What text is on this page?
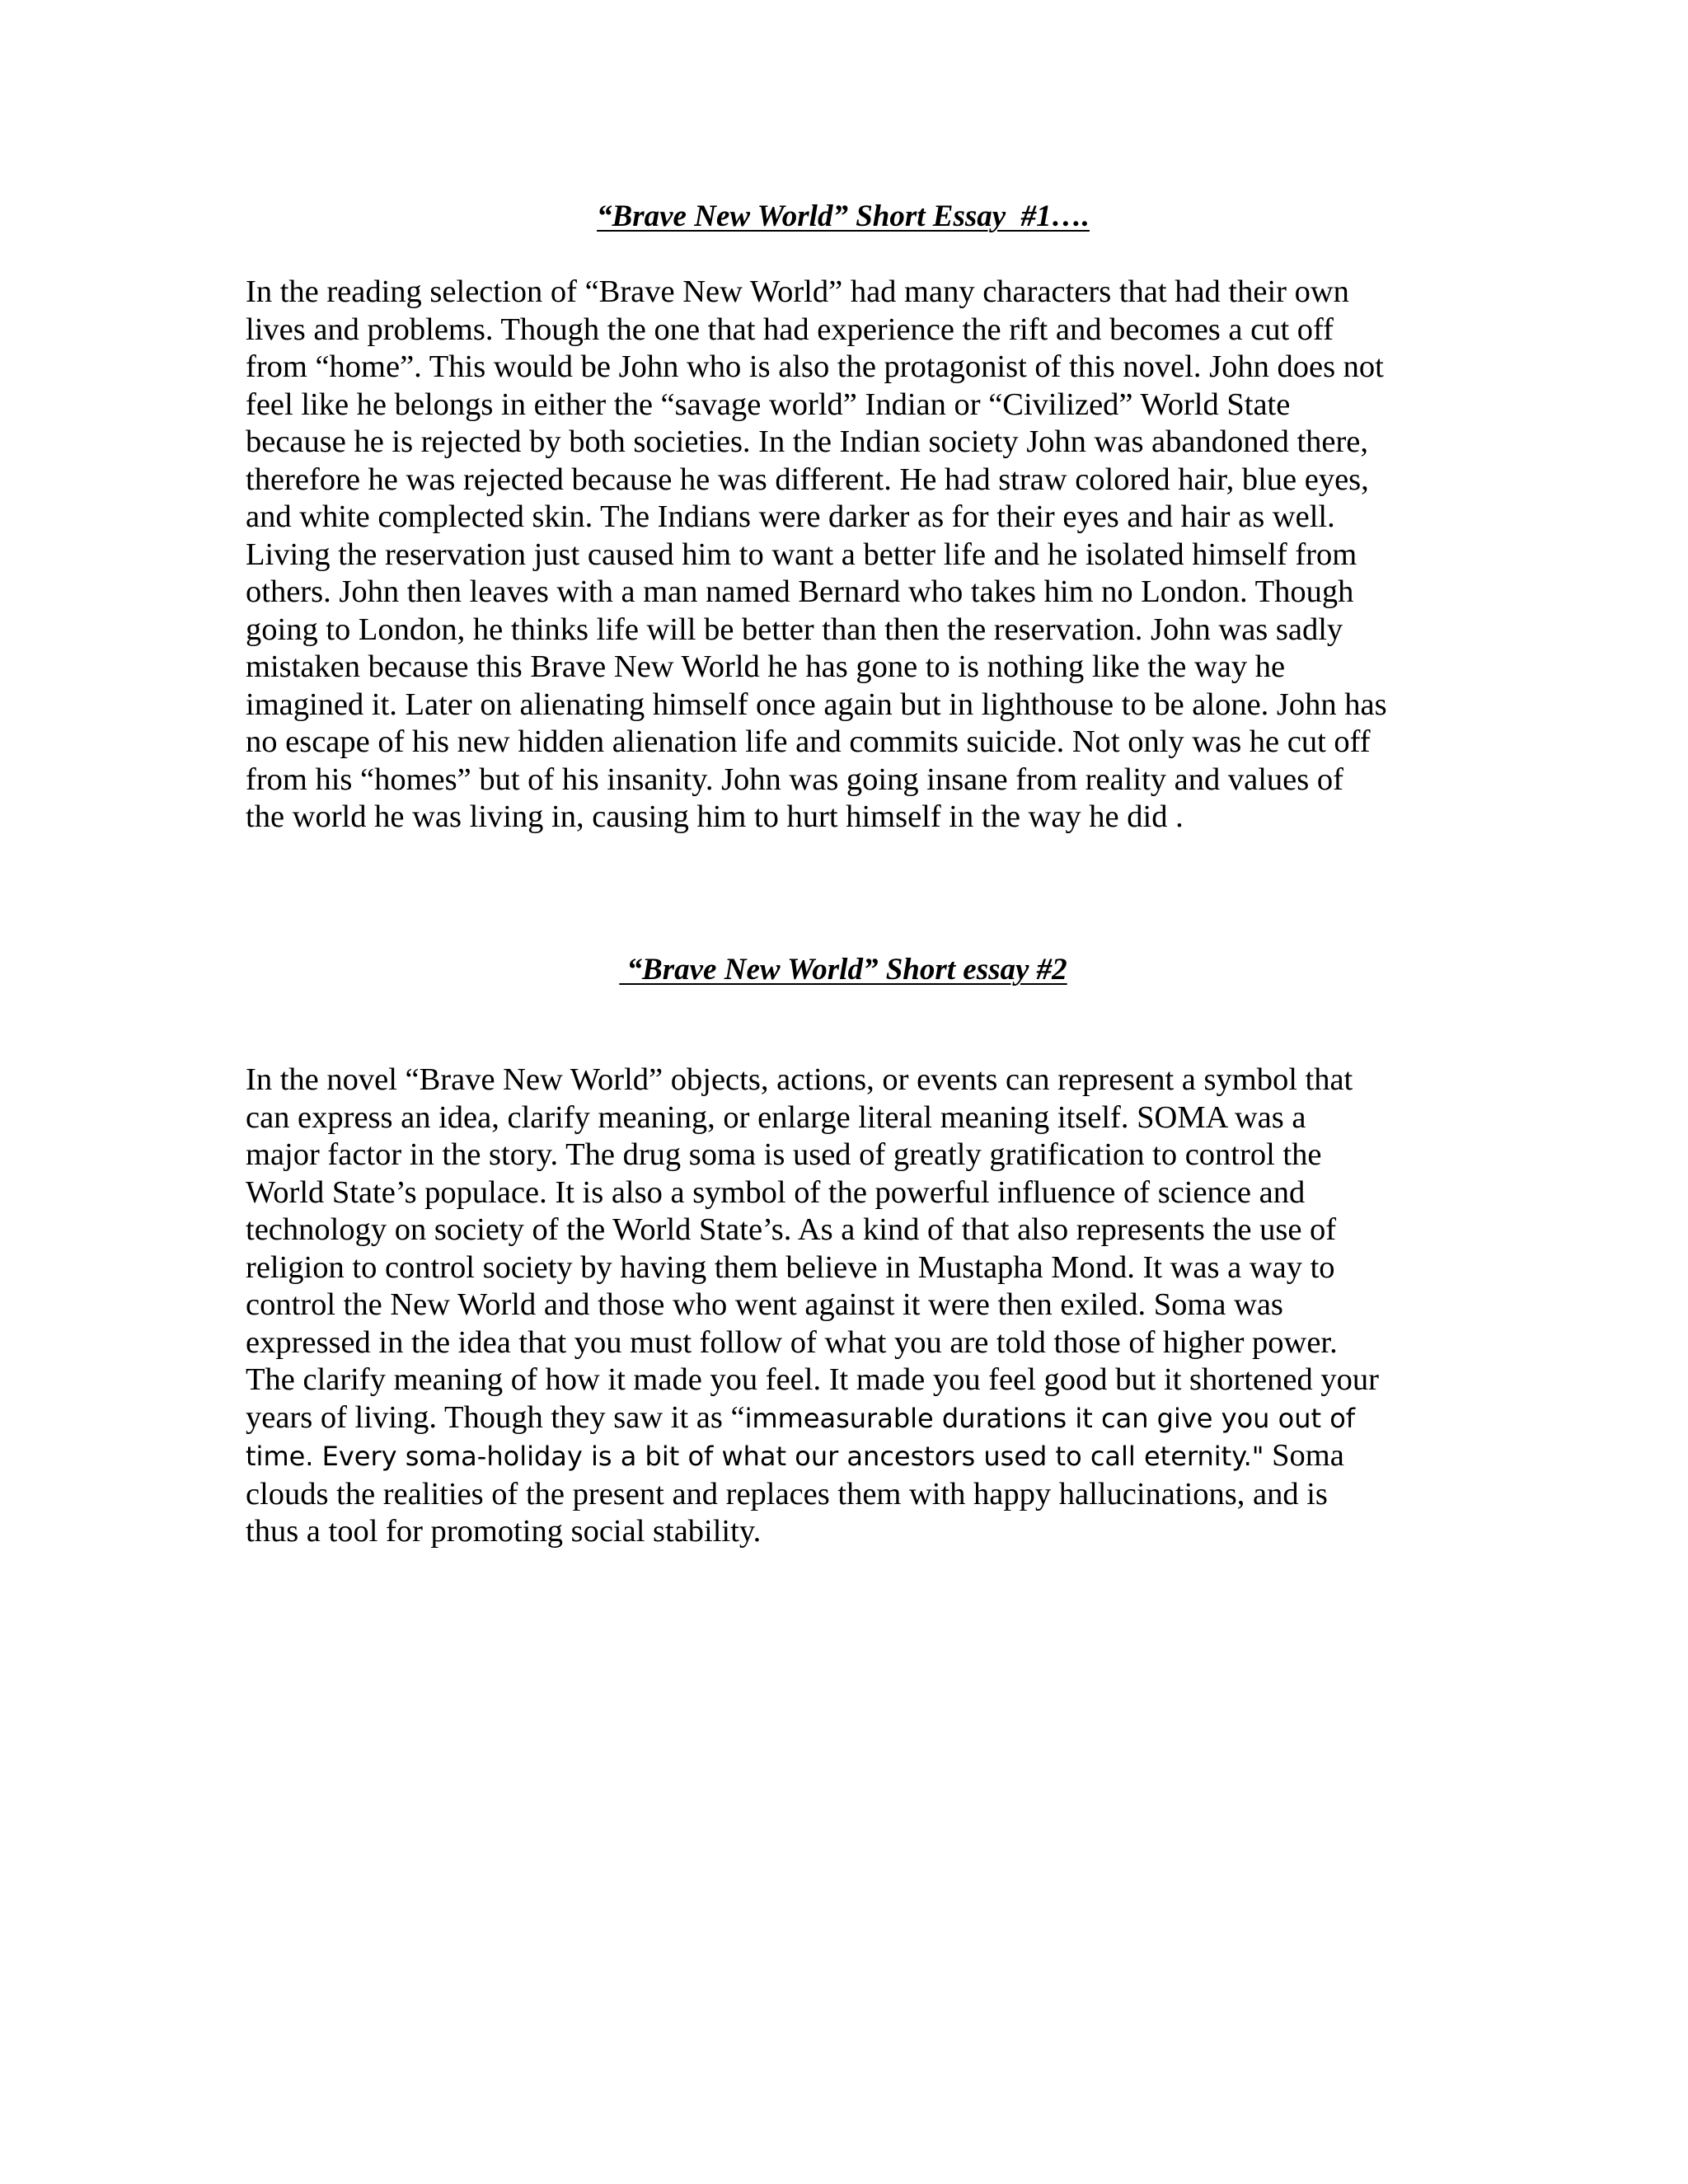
“Brave New World” Short Essay  #1….
In the reading selection of “Brave New World” had many characters that had their own
lives and problems. Though the one that had experience the rift and becomes a cut off
from “home”. This would be John who is also the protagonist of this novel. John does not
feel like he belongs in either the “savage world” Indian or “Civilized” World State
because he is rejected by both societies. In the Indian society John was abandoned there,
therefore he was rejected because he was different. He had straw colored hair, blue eyes,
and white complected skin. The Indians were darker as for their eyes and hair as well.
Living the reservation just caused him to want a better life and he isolated himself from
others. John then leaves with a man named Bernard who takes him no London. Though
going to London, he thinks life will be better than then the reservation. John was sadly
mistaken because this Brave New World he has gone to is nothing like the way he
imagined it. Later on alienating himself once again but in lighthouse to be alone. John has
no escape of his new hidden alienation life and commits suicide. Not only was he cut off
from his “homes” but of his insanity. John was going insane from reality and values of
the world he was living in, causing him to hurt himself in the way he did .
“Brave New World” Short essay #2
In the novel “Brave New World” objects, actions, or events can represent a symbol that
can express an idea, clarify meaning, or enlarge literal meaning itself. SOMA was a
major factor in the story. The drug soma is used of greatly gratification to control the
World State’s populace. It is also a symbol of the powerful influence of science and
technology on society of the World State’s. As a kind of that also represents the use of
religion to control society by having them believe in Mustapha Mond. It was a way to
control the New World and those who went against it were then exiled. Soma was
expressed in the idea that you must follow of what you are told those of higher power.
The clarify meaning of how it made you feel. It made you feel good but it shortened your
years of living. Though they saw it as “immeasurable durations it can give you out of
time. Every soma-holiday is a bit of what our ancestors used to call eternity." Soma
clouds the realities of the present and replaces them with happy hallucinations, and is
thus a tool for promoting social stability.
